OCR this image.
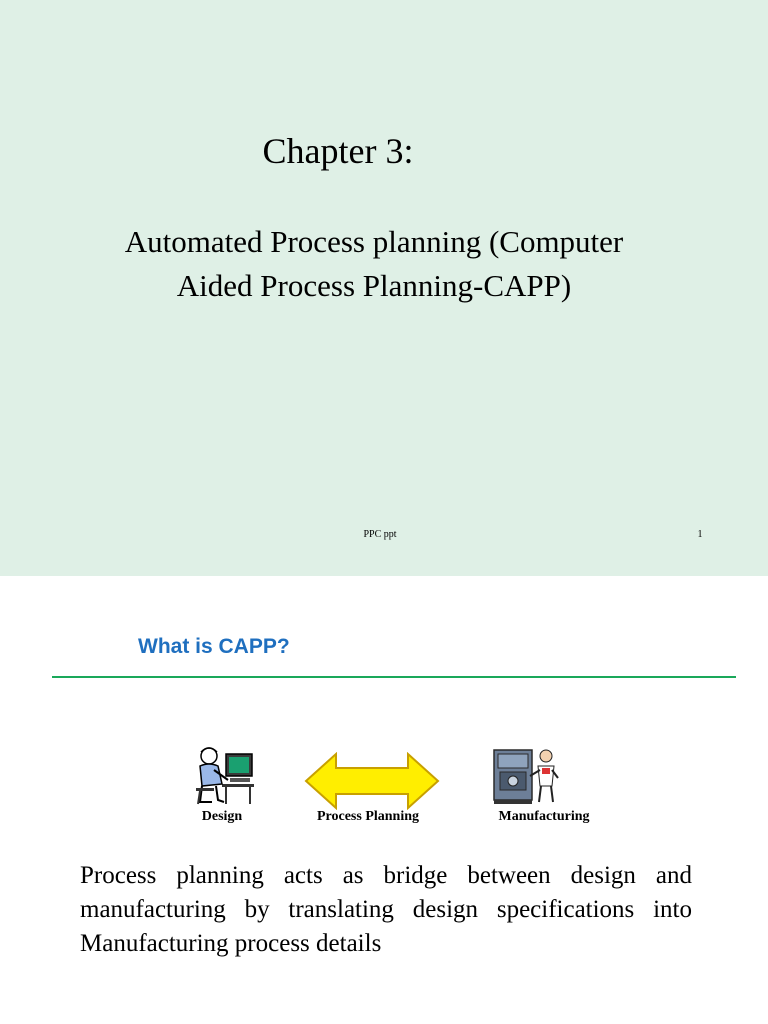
Chapter 3:
Automated Process planning (Computer
Aided Process Planning-CAPP)
PPC ppt	1
What is CAPP?
Design	Process Planning	Manufacturing
Process planning acts as bridge between design and manufacturing by translating design specifications into Manufacturing process details
